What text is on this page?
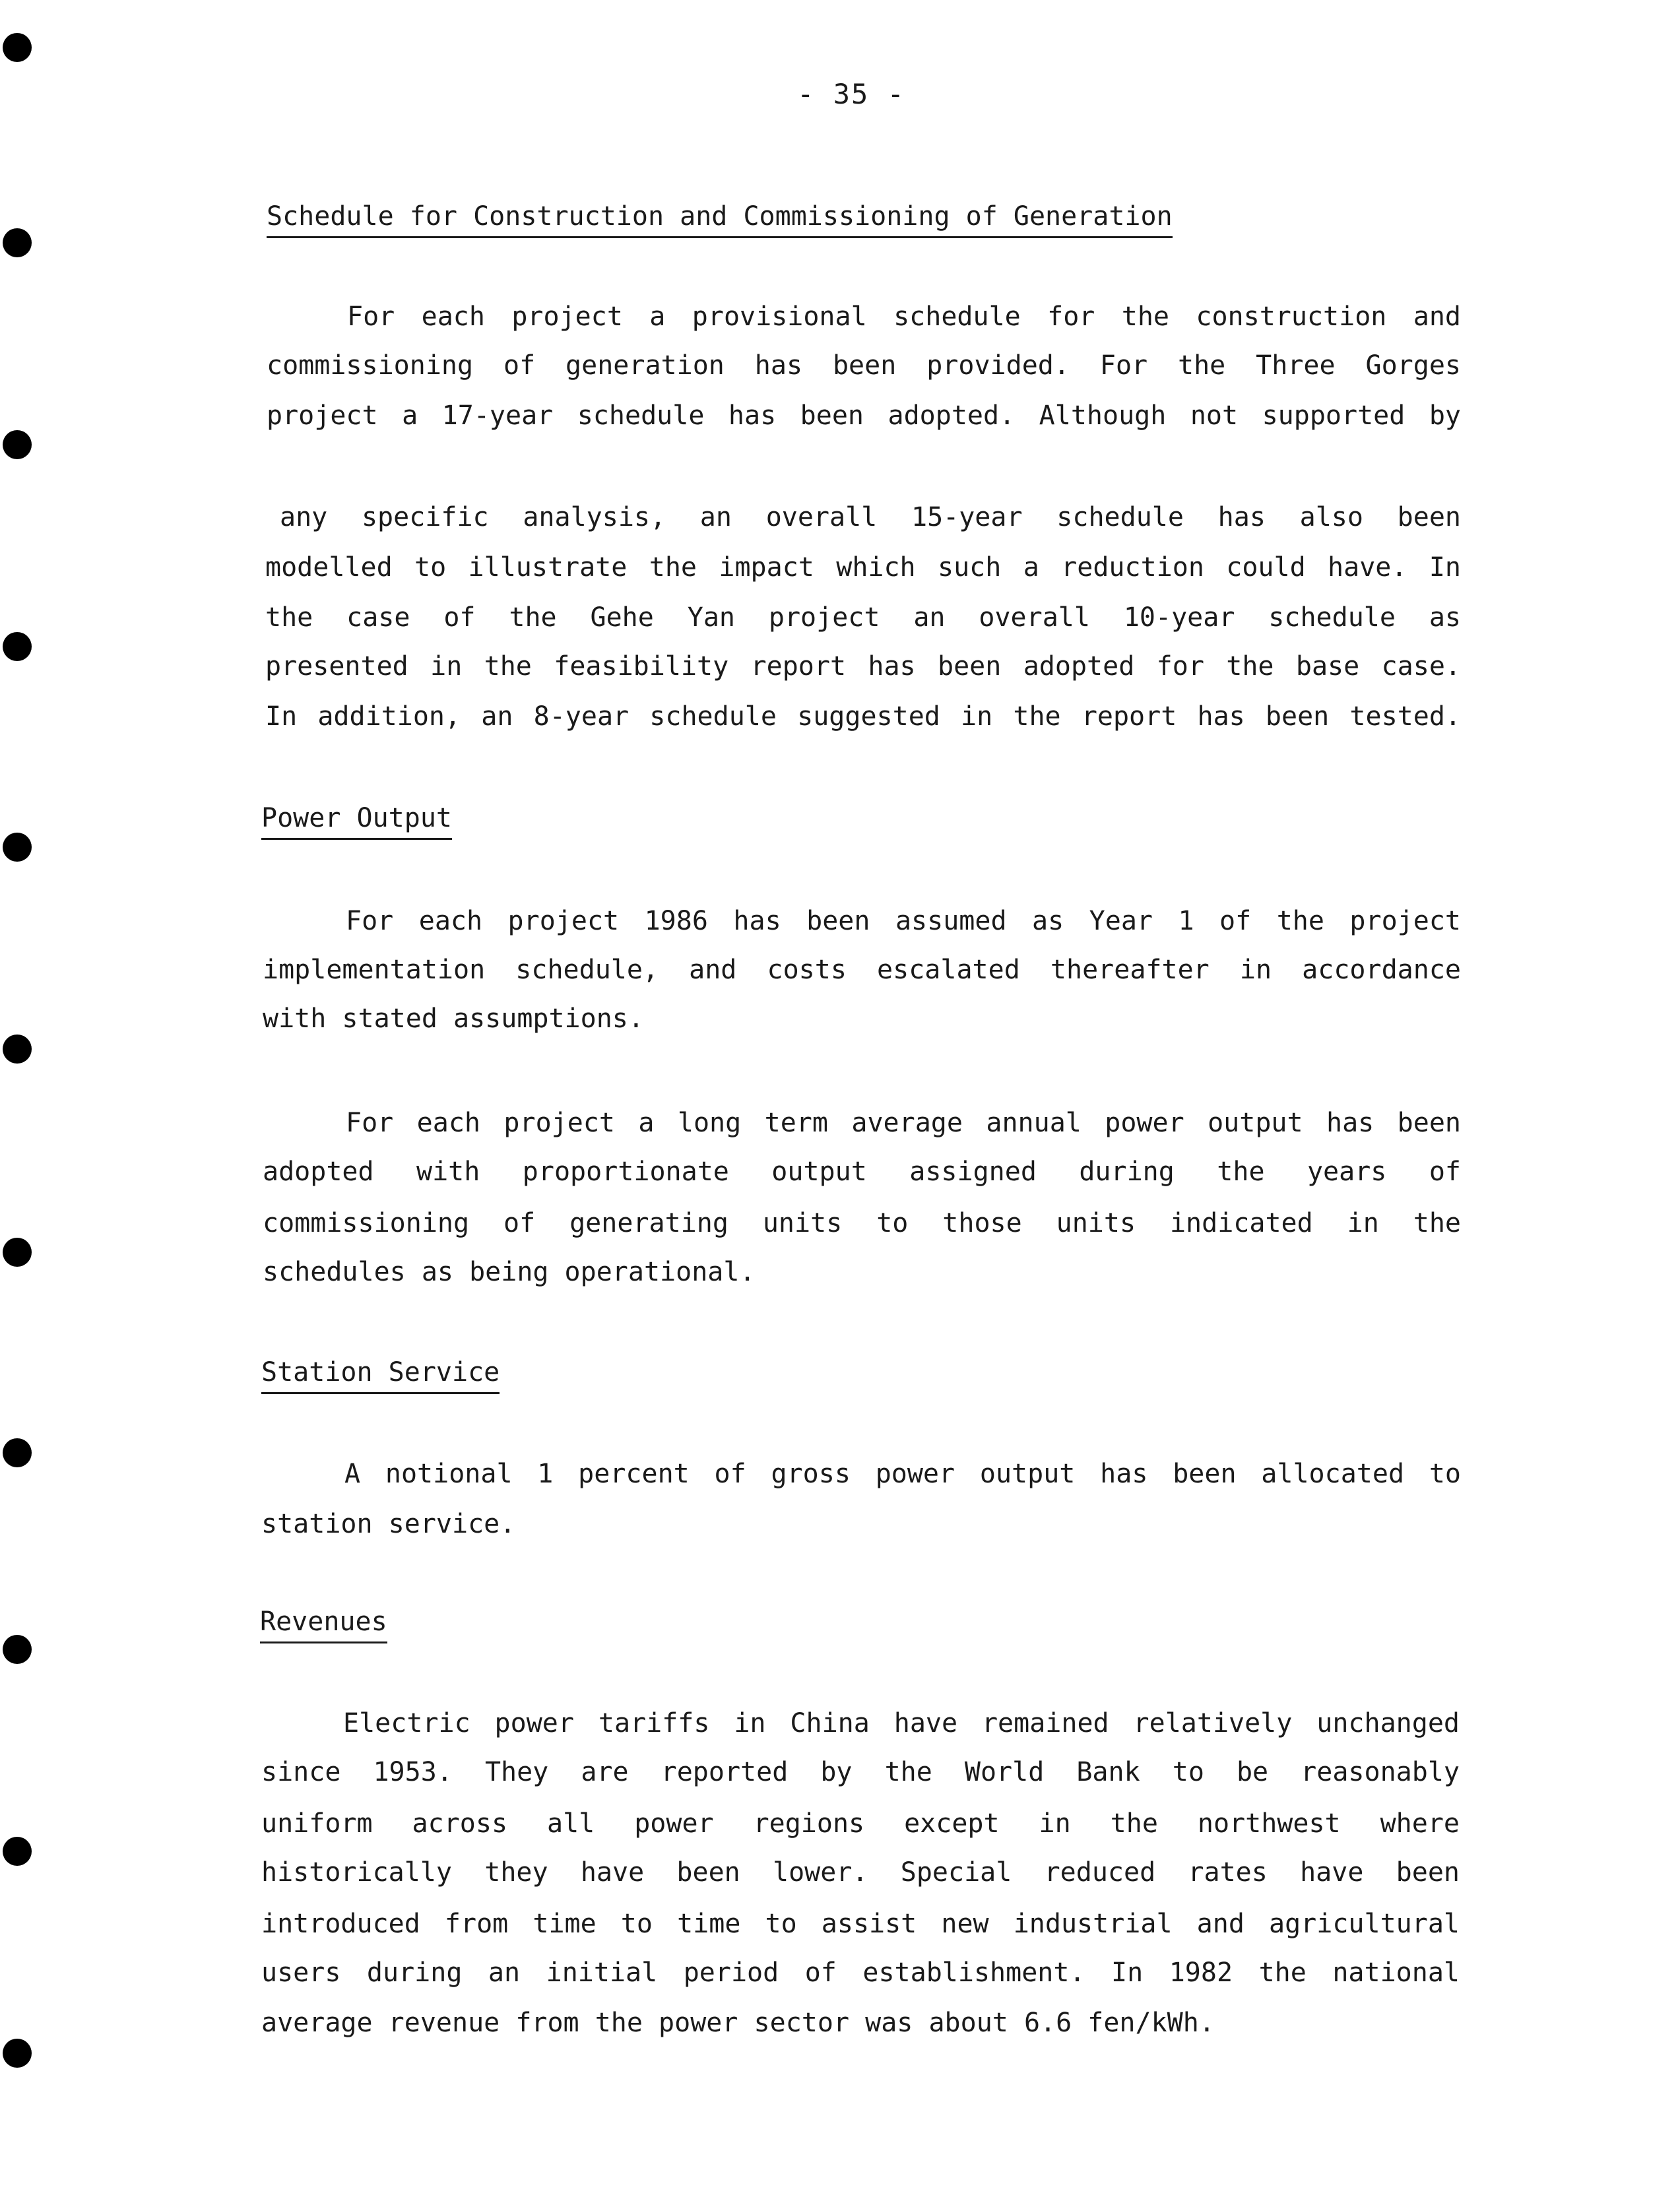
- 35 -
Schedule for Construction and Commissioning of Generation
For each project a provisional schedule for the construction and
commissioning of generation has been provided. For the Three Gorges
project a 17-year schedule has been adopted. Although not supported by
any specific analysis, an overall 15-year schedule has also been
modelled to illustrate the impact which such a reduction could have. In
the case of the Gehe Yan project an overall 10-year schedule as
presented in the feasibility report has been adopted for the base case.
In addition, an 8-year schedule suggested in the report has been tested.
Power Output
For each project 1986 has been assumed as Year 1 of the project
implementation schedule, and costs escalated thereafter in accordance
with stated assumptions.
For each project a long term average annual power output has been
adopted with proportionate output assigned during the years of
commissioning of generating units to those units indicated in the
schedules as being operational.
Station Service
A notional 1 percent of gross power output has been allocated to
station service.
Revenues
Electric power tariffs in China have remained relatively unchanged
since 1953. They are reported by the World Bank to be reasonably
uniform across all power regions except in the northwest where
historically they have been lower. Special reduced rates have been
introduced from time to time to assist new industrial and agricultural
users during an initial period of establishment. In 1982 the national
average revenue from the power sector was about 6.6 fen/kWh.
